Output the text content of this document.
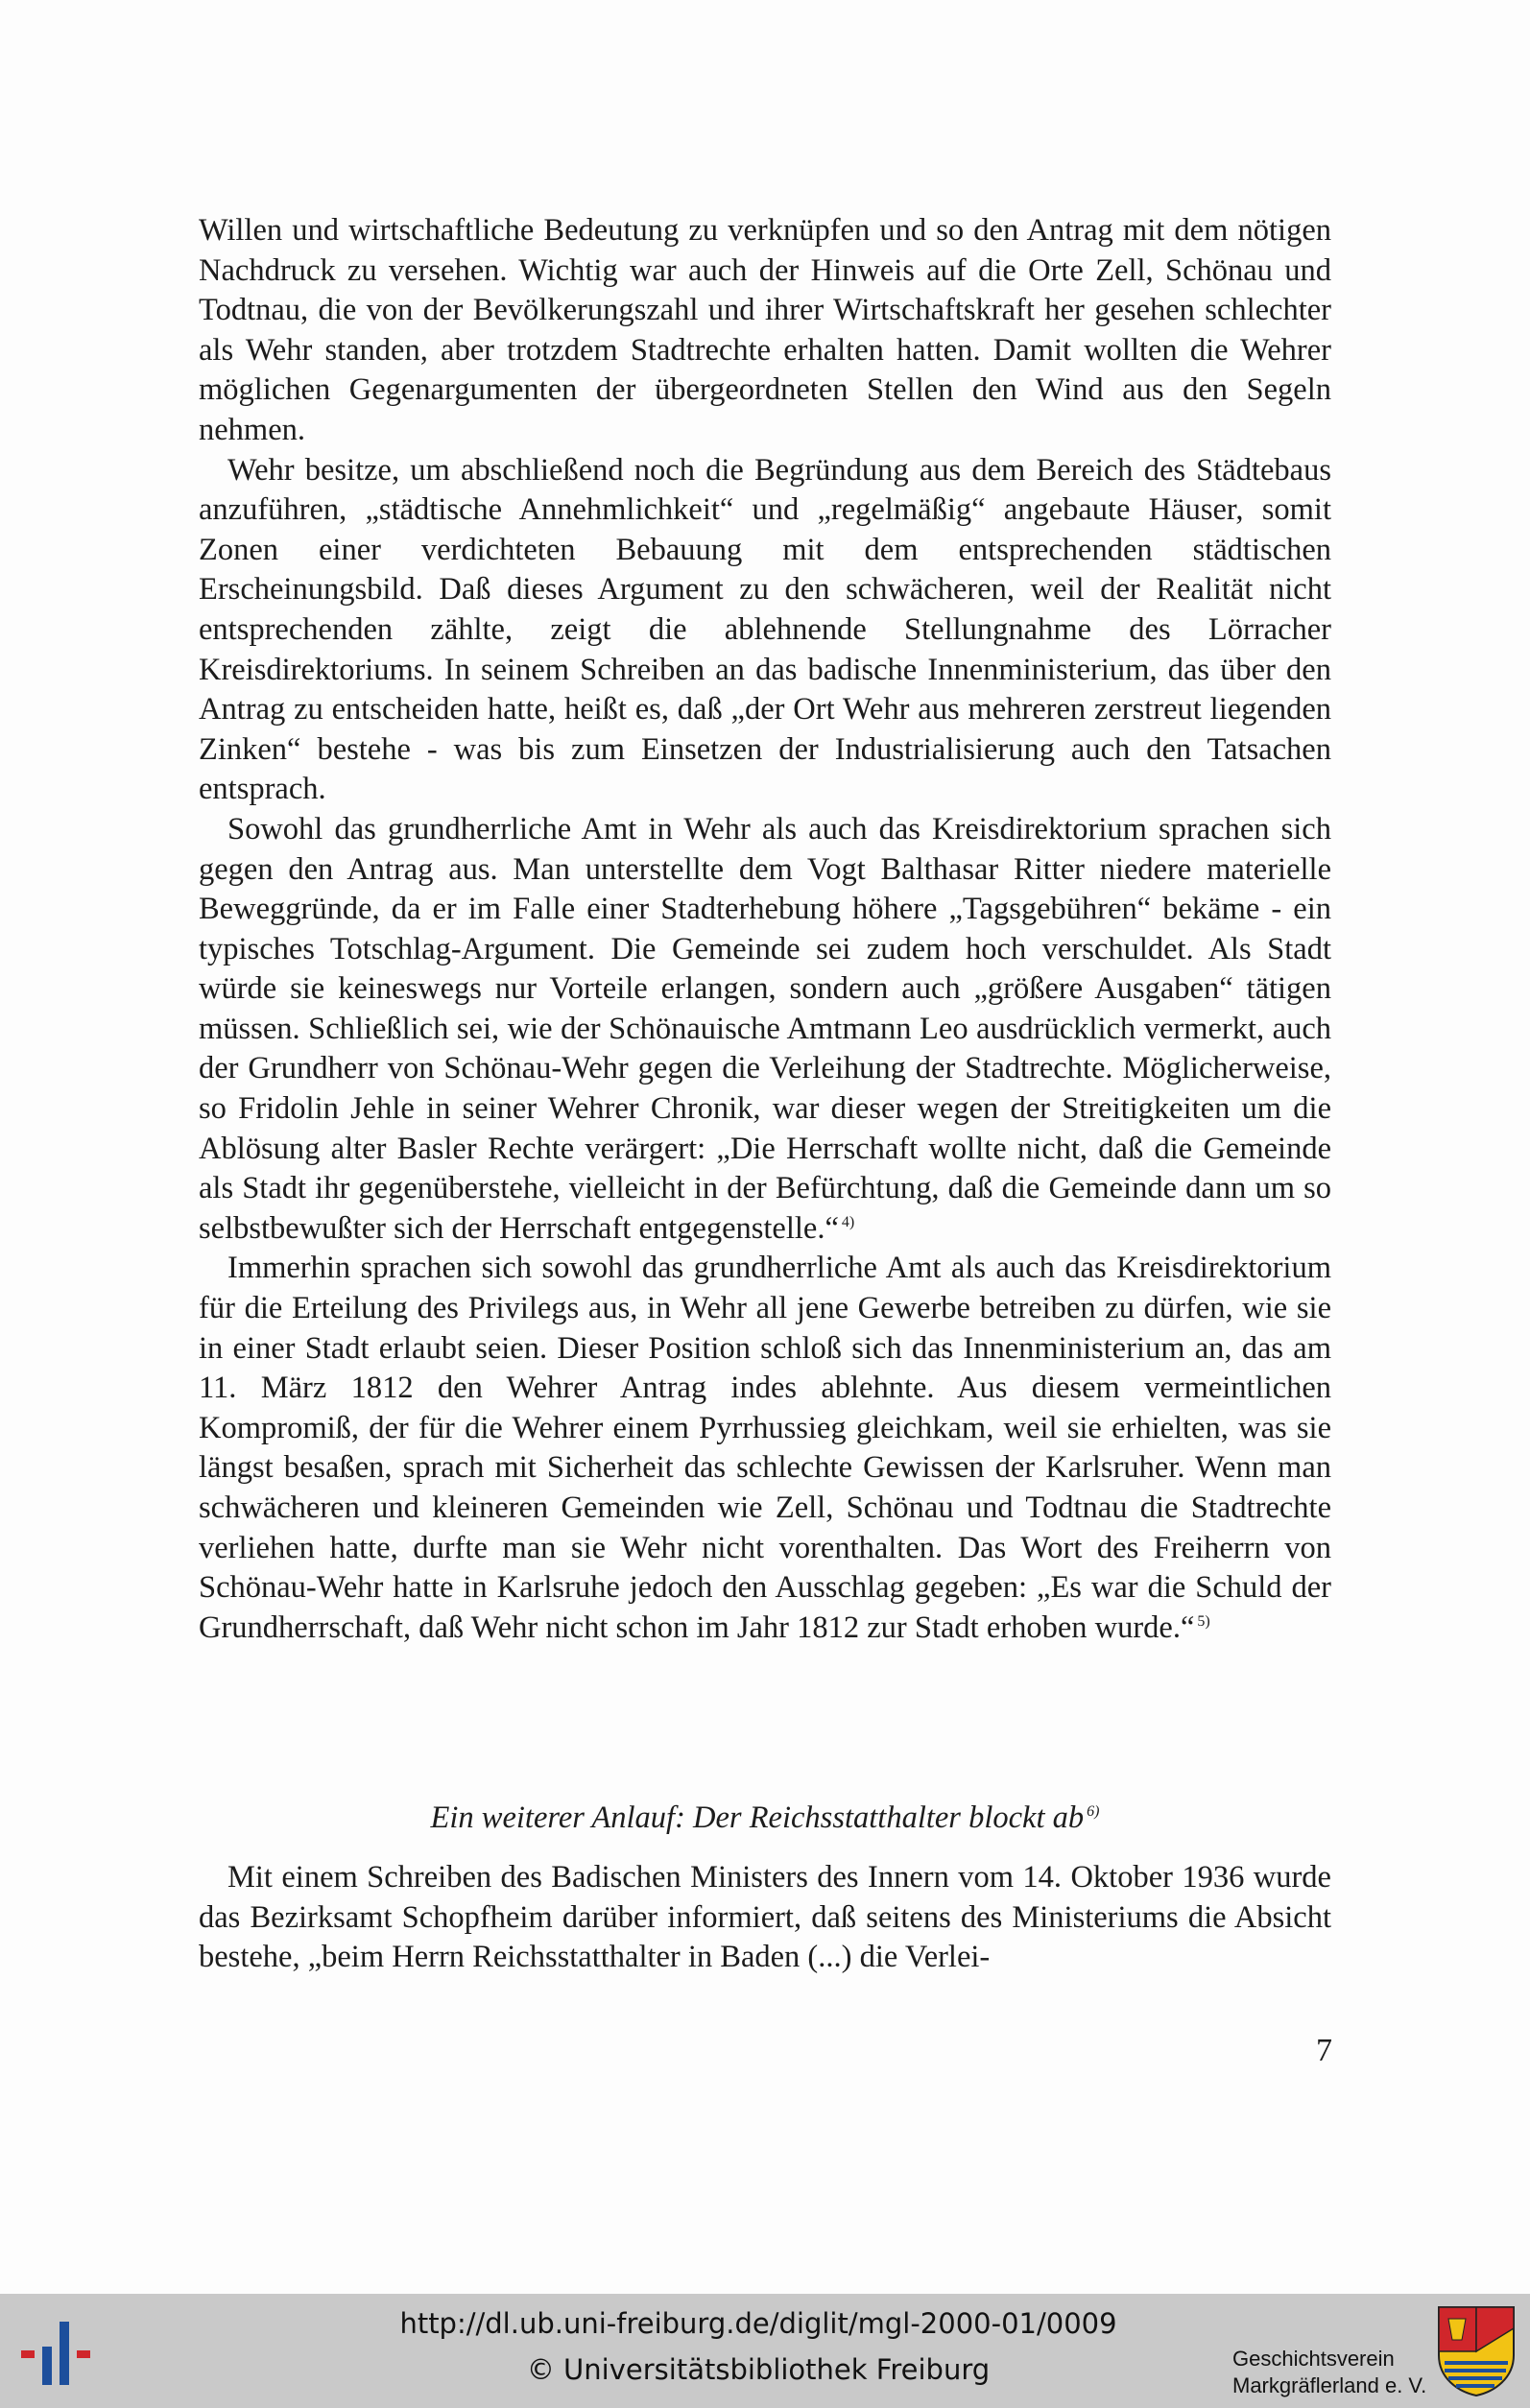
Willen und wirtschaftliche Bedeutung zu verknüpfen und so den Antrag mit dem nötigen Nachdruck zu versehen. Wichtig war auch der Hinweis auf die Orte Zell, Schönau und Todtnau, die von der Bevölkerungszahl und ihrer Wirtschaftskraft her gesehen schlechter als Wehr standen, aber trotzdem Stadtrechte erhalten hatten. Damit wollten die Wehrer möglichen Gegenargumenten der übergeordneten Stellen den Wind aus den Segeln nehmen.

Wehr besitze, um abschließend noch die Begründung aus dem Bereich des Städtebaus anzuführen, „städtische Annehmlichkeit“ und „regelmäßig“ angebaute Häuser, somit Zonen einer verdichteten Bebauung mit dem entsprechenden städtischen Erscheinungsbild. Daß dieses Argument zu den schwächeren, weil der Realität nicht entsprechenden zählte, zeigt die ablehnende Stellungnahme des Lörracher Kreisdirektoriums. In seinem Schreiben an das badische Innenministerium, das über den Antrag zu entscheiden hatte, heißt es, daß „der Ort Wehr aus mehreren zerstreut liegenden Zinken“ bestehe - was bis zum Einsetzen der Industrialisierung auch den Tatsachen entsprach.

Sowohl das grundherrliche Amt in Wehr als auch das Kreisdirektorium sprachen sich gegen den Antrag aus. Man unterstellte dem Vogt Balthasar Ritter niedere materielle Beweggründe, da er im Falle einer Stadterhebung höhere „Tagsgebühren“ bekäme - ein typisches Totschlag-Argument. Die Gemeinde sei zudem hoch verschuldet. Als Stadt würde sie keineswegs nur Vorteile erlangen, sondern auch „größere Ausgaben“ tätigen müssen. Schließlich sei, wie der Schönauische Amtmann Leo ausdrücklich vermerkt, auch der Grundherr von Schönau-Wehr gegen die Verleihung der Stadtrechte. Möglicherweise, so Fridolin Jehle in seiner Wehrer Chronik, war dieser wegen der Streitigkeiten um die Ablösung alter Basler Rechte verärgert: „Die Herrschaft wollte nicht, daß die Gemeinde als Stadt ihr gegenüberstehe, vielleicht in der Befürchtung, daß die Gemeinde dann um so selbstbewußter sich der Herrschaft entgegenstelle.“ $^{4)}$

Immerhin sprachen sich sowohl das grundherrliche Amt als auch das Kreisdirektorium für die Erteilung des Privilegs aus, in Wehr all jene Gewerbe betreiben zu dürfen, wie sie in einer Stadt erlaubt seien. Dieser Position schloß sich das Innenministerium an, das am 11. März 1812 den Wehrer Antrag indes ablehnte. Aus diesem vermeintlichen Kompromiß, der für die Wehrer einem Pyrrhussieg gleichkam, weil sie erhielten, was sie längst besaßen, sprach mit Sicherheit das schlechte Gewissen der Karlsruher. Wenn man schwächeren und kleineren Gemeinden wie Zell, Schönau und Todtnau die Stadtrechte verliehen hatte, durfte man sie Wehr nicht vorenthalten. Das Wort des Freiherrn von Schönau-Wehr hatte in Karlsruhe jedoch den Ausschlag gegeben: „Es war die Schuld der Grundherrschaft, daß Wehr nicht schon im Jahr 1812 zur Stadt erhoben wurde.“ $^{5)}$

Ein weiterer Anlauf: Der Reichsstatthalter blockt ab $^{6)}$

Mit einem Schreiben des Badischen Ministers des Innern vom 14. Oktober 1936 wurde das Bezirksamt Schopfheim darüber informiert, daß seitens des Ministeriums die Absicht bestehe, „beim Herrn Reichsstatthalter in Baden (...) die Verlei-

7
http://dl.ub.uni-freiburg.de/diglit/mgl-2000-01/0009
© Universitätsbibliothek Freiburg	Geschichtsverein
Markgräflerland e. V.
